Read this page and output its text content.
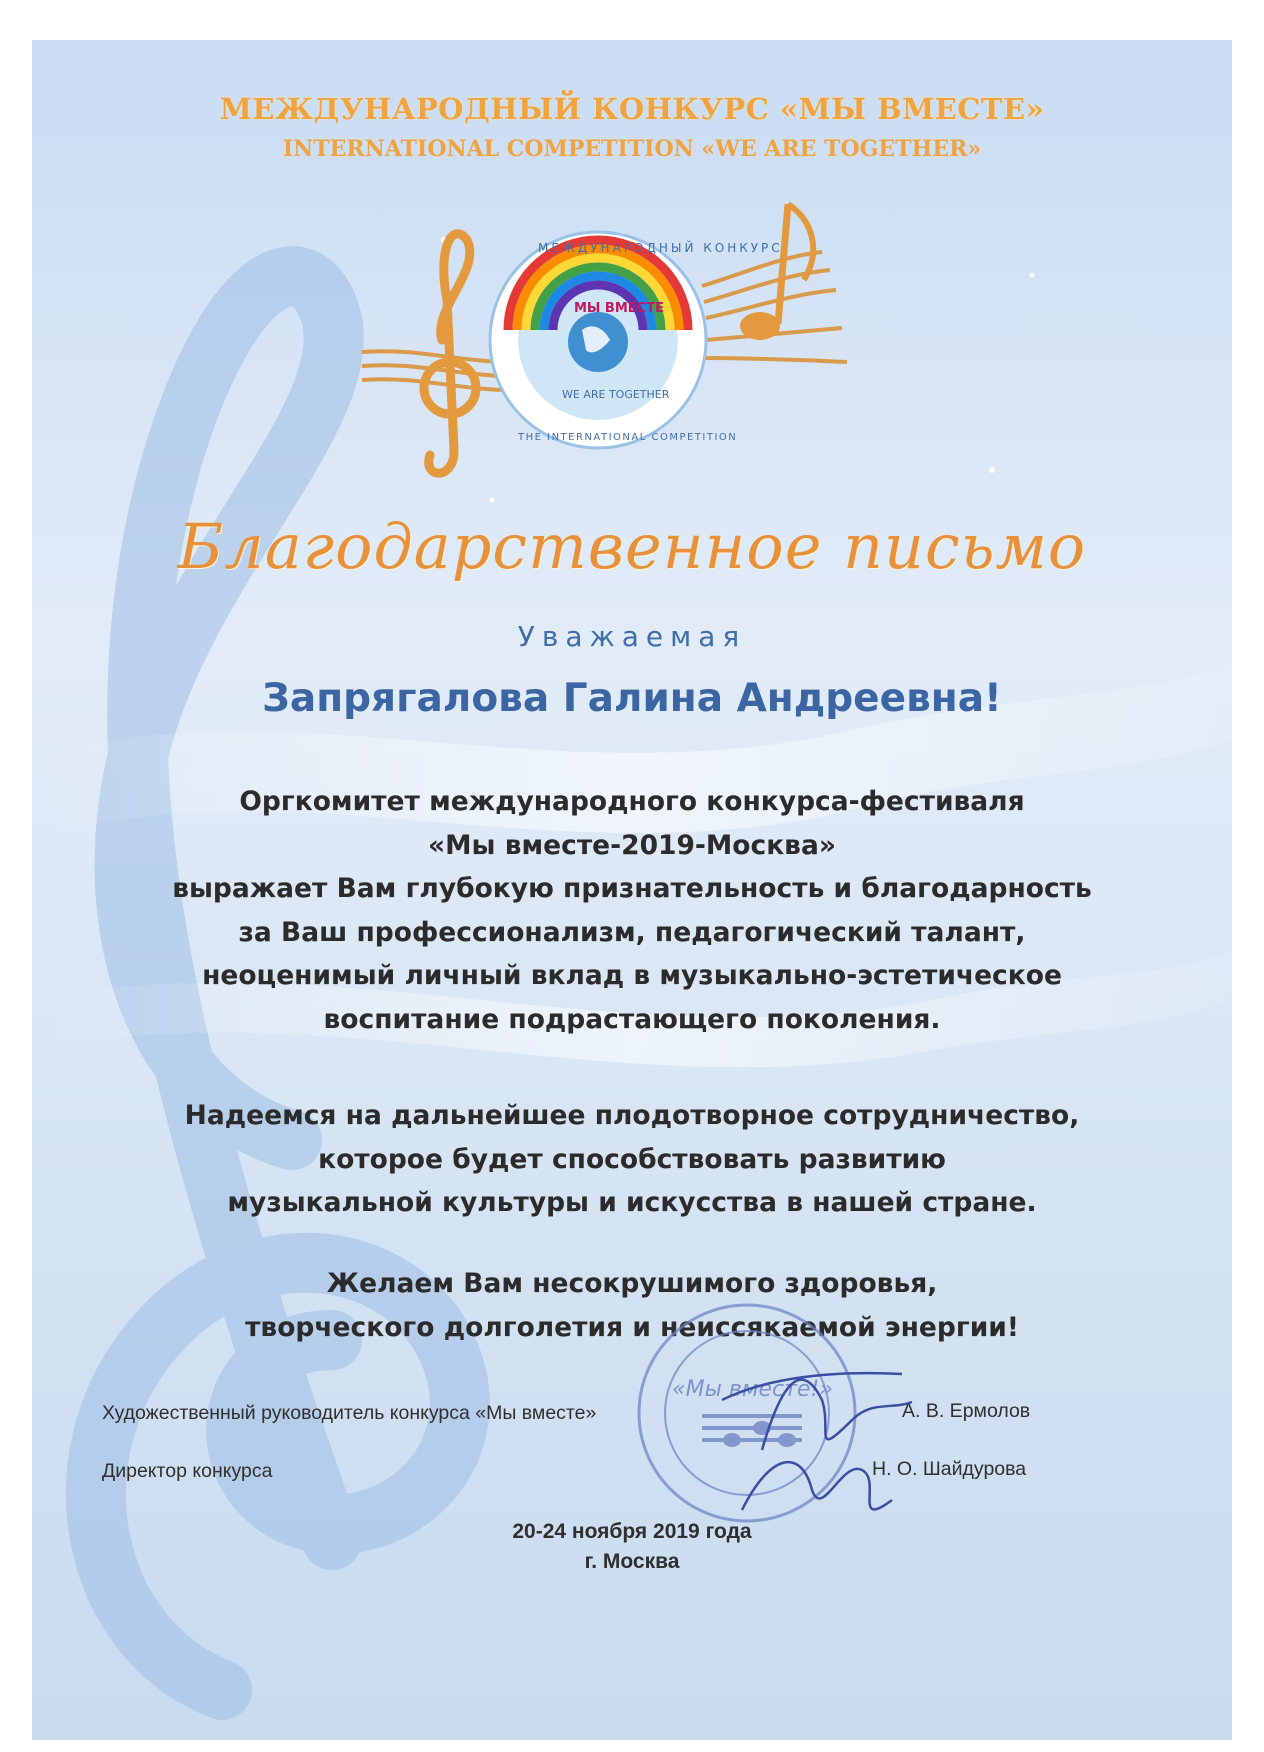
МЕЖДУНАРОДНЫЙ КОНКУРС «МЫ ВМЕСТЕ»
INTERNATIONAL COMPETITION «WE ARE TOGETHER»
МЫ ВМЕСТЕ
WE ARE TOGETHER
МЕЖДУНАРОДНЫЙ КОНКУРС
THE INTERNATIONAL COMPETITION
Благодарственное письмо
Уважаемая
Запрягалова Галина Андреевна!
Оргкомитет международного конкурса-фестиваля
«Мы вместе-2019-Москва»
выражает Вам глубокую признательность и благодарность
за Ваш профессионализм, педагогический талант,
неоценимый личный вклад в музыкально-эстетическое
воспитание подрастающего поколения.
Надеемся на дальнейшее плодотворное сотрудничество,
которое будет способствовать развитию
музыкальной культуры и искусства в нашей стране.
Желаем Вам несокрушимого здоровья,
творческого долголетия и неиссякаемой энергии!
«Мы вместе!»
Художественный руководитель конкурса «Мы вместе»	А. В. Ермолов
Директор конкурса	Н. О. Шайдурова
20-24 ноября 2019 года
г. Москва
